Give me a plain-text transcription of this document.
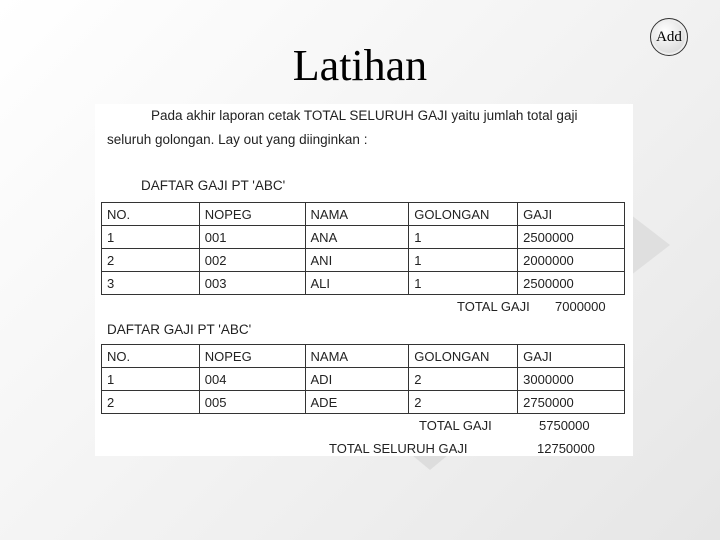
Latihan
Add
Pada akhir laporan cetak TOTAL SELURUH GAJI yaitu jumlah total gaji
seluruh golongan. Lay out yang diinginkan :
DAFTAR GAJI PT 'ABC'
NO.	NOPEG	NAMA	GOLONGAN	GAJI
1	001	ANA	1	2500000
2	002	ANI	1	2000000
3	003	ALI	1	2500000
TOTAL GAJI 7000000
DAFTAR GAJI PT 'ABC'
NO.	NOPEG	NAMA	GOLONGAN	GAJI
1	004	ADI	2	3000000
2	005	ADE	2	2750000
TOTAL GAJI	5750000
TOTAL SELURUH GAJI	12750000
